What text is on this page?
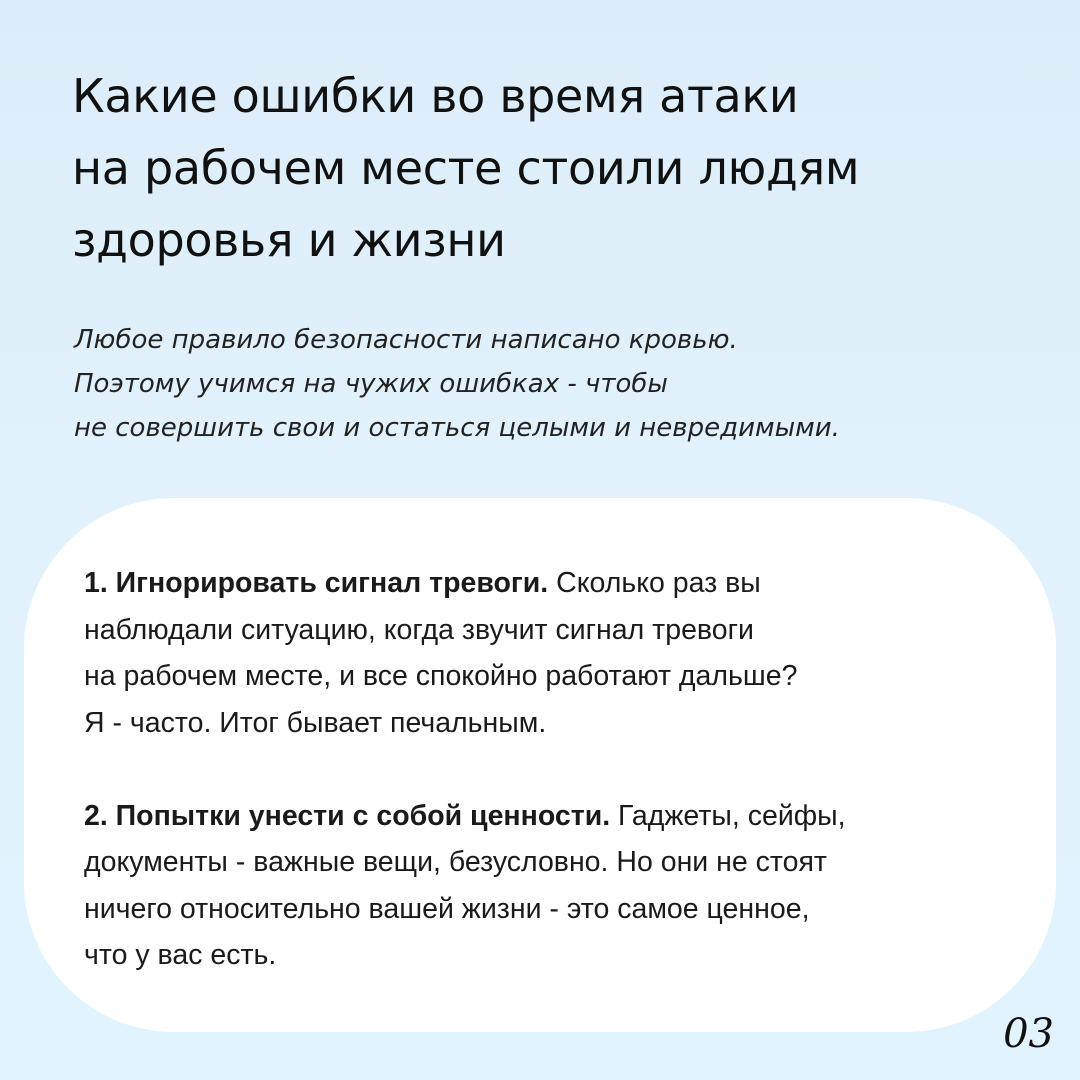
Какие ошибки во время атаки
на рабочем месте стоили людям
здоровья и жизни
Любое правило безопасности написано кровью.
Поэтому учимся на чужих ошибках - чтобы
не совершить свои и остаться целыми и невредимыми.

1. Игнорировать сигнал тревоги. Сколько раз вы
наблюдали ситуацию, когда звучит сигнал тревоги
на рабочем месте, и все спокойно работают дальше?
Я - часто. Итог бывает печальным.

2. Попытки унести с собой ценности. Гаджеты, сейфы,
документы - важные вещи, безусловно. Но они не стоят
ничего относительно вашей жизни - это самое ценное,
что у вас есть.

03
